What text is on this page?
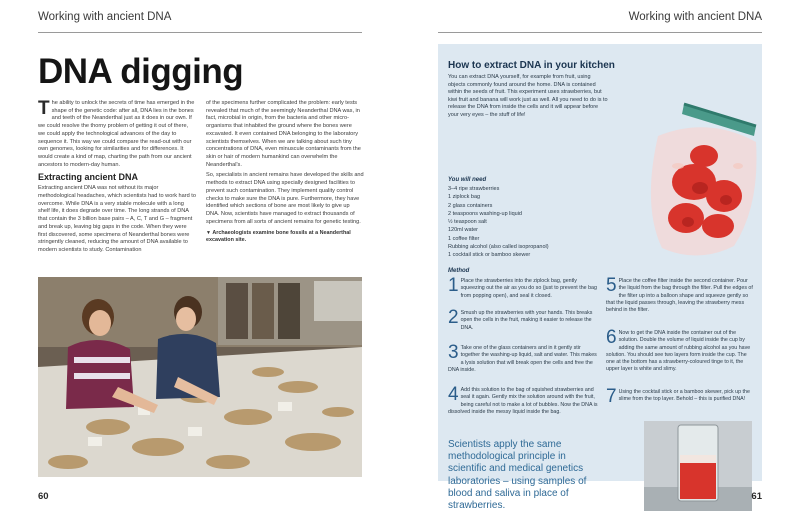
Working with ancient DNA
DNA digging

The ability to unlock the secrets of time has emerged in the shape of the genetic code: after all, DNA lies in the bones and teeth of the Neanderthal just as it does in our own. If we could resolve the thorny problem of getting it out of there, we could apply the technological advances of the day to sequence it. This way we could compare the read-out with our own genomes, looking for similarities and for differences. It would create a kind of map, charting the path from our ancient ancestors to modern-day human.

Extracting ancient DNA

Extracting ancient DNA was not without its major methodological headaches, which scientists had to work hard to overcome. While DNA is a very stable molecule with a long shelf life, it does degrade over time. The long strands of DNA that contain the 3 billion base pairs – A, C, T and G – fragment and break up, leaving big gaps in the code. When they were first discovered, some specimens of Neanderthal bones were stringently cleaned, reducing the amount of DNA available to modern scientists to study. Contamination

of the specimens further complicated the problem: early tests revealed that much of the seemingly Neanderthal DNA was, in fact, microbial in origin, from the bacteria and other micro-organisms that inhabited the ground where the bones were excavated. It even contained DNA belonging to the laboratory scientists themselves. When we are talking about such tiny concentrations of DNA, even minuscule contaminants from the skin or hair of modern humankind can overwhelm the Neanderthal's.

So, specialists in ancient remains have developed the skills and methods to extract DNA using specially designed facilities to prevent such contamination. They implement quality control checks to make sure the DNA is pure. Furthermore, they have identified which sections of bone are most likely to give up DNA. Now, scientists have managed to extract thousands of specimens from all sorts of ancient remains for genetic testing.

▼ Archaeologists examine bone fossils at a Neanderthal excavation site.
60
Working with ancient DNA
How to extract DNA in your kitchen
You can extract DNA yourself, for example from fruit, using objects commonly found around the home. DNA is contained within the seeds of fruit. This experiment uses strawberries, but kiwi fruit and banana will work just as well. All you need to do is to release the DNA from inside the cells and it will appear before your very eyes – the stuff of life!
You will need
3–4 ripe strawberries
1 ziplock bag
2 glass containers
2 teaspoons washing-up liquid
½ teaspoon salt
120ml water
1 coffee filter
Rubbing alcohol (also called isopropanol)
1 cocktail stick or bamboo skewer
Method
1 Place the strawberries into the ziplock bag, gently squeezing out the air as you do so (just to prevent the bag from popping open), and seal it closed.
2 Smush up the strawberries with your hands. This breaks open the cells in the fruit, making it easier to release the DNA.
3 Take one of the glass containers and in it gently stir together the washing-up liquid, salt and water. This makes a lysis solution that will break open the cells and free the DNA inside.
4 Add this solution to the bag of squished strawberries and seal it again. Gently mix the solution around with the fruit, being careful not to make a lot of bubbles. Now the DNA is dissolved inside the messy liquid inside the bag.
5 Place the coffee filter inside the second container. Pour the liquid from the bag through the filter. Pull the edges of the filter up into a balloon shape and squeeze gently so that the liquid passes through, leaving the strawberry mess behind in the filter.
6 Now to get the DNA inside the container out of the solution. Double the volume of liquid inside the cup by adding the same amount of rubbing alcohol as you have solution. You should see two layers form inside the cup. The one at the bottom has a strawberry-coloured tinge to it, the upper layer is white and slimy.
7 Using the cocktail stick or a bamboo skewer, pick up the slime from the top layer. Behold – this is purified DNA!
Scientists apply the same methodological principle in scientific and medical genetics laboratories – using samples of blood and saliva in place of strawberries.
61
